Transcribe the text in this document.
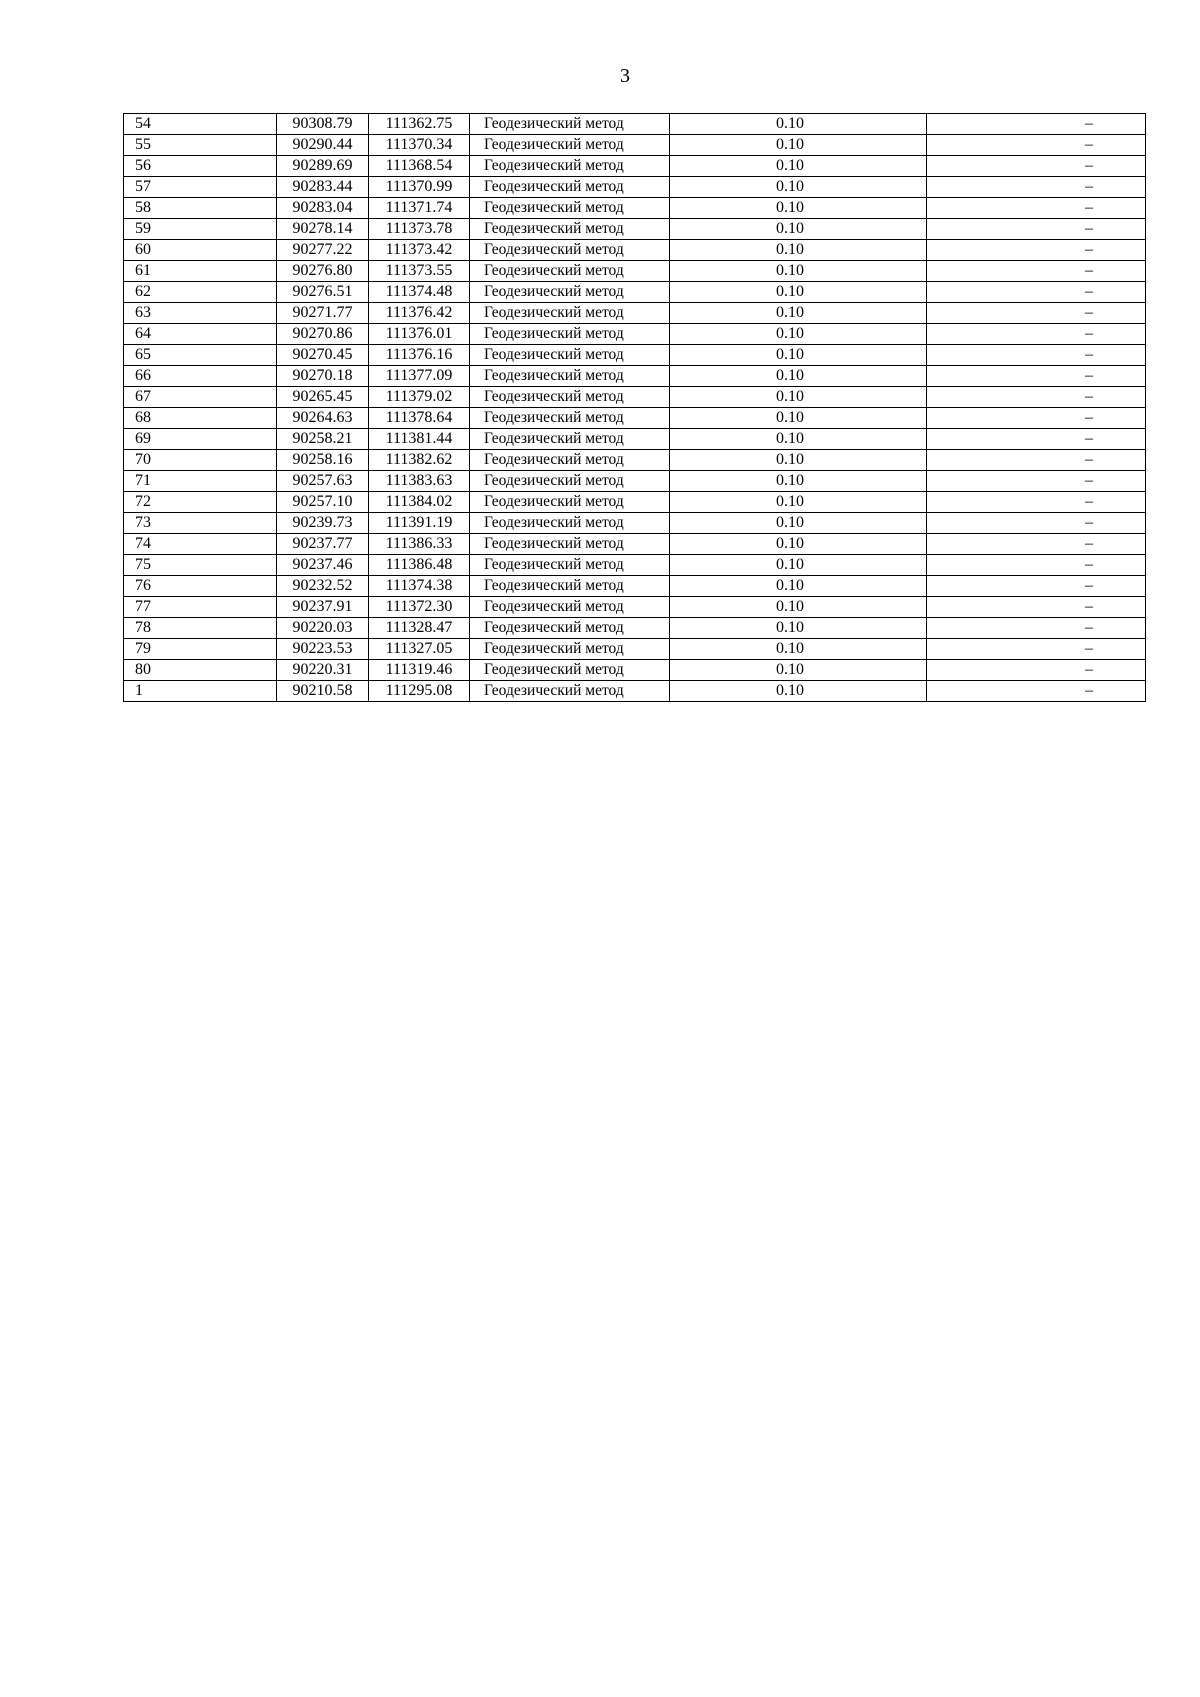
3
54	90308.79	111362.75	Геодезический метод	0.10	–
55	90290.44	111370.34	Геодезический метод	0.10	–
56	90289.69	111368.54	Геодезический метод	0.10	–
57	90283.44	111370.99	Геодезический метод	0.10	–
58	90283.04	111371.74	Геодезический метод	0.10	–
59	90278.14	111373.78	Геодезический метод	0.10	–
60	90277.22	111373.42	Геодезический метод	0.10	–
61	90276.80	111373.55	Геодезический метод	0.10	–
62	90276.51	111374.48	Геодезический метод	0.10	–
63	90271.77	111376.42	Геодезический метод	0.10	–
64	90270.86	111376.01	Геодезический метод	0.10	–
65	90270.45	111376.16	Геодезический метод	0.10	–
66	90270.18	111377.09	Геодезический метод	0.10	–
67	90265.45	111379.02	Геодезический метод	0.10	–
68	90264.63	111378.64	Геодезический метод	0.10	–
69	90258.21	111381.44	Геодезический метод	0.10	–
70	90258.16	111382.62	Геодезический метод	0.10	–
71	90257.63	111383.63	Геодезический метод	0.10	–
72	90257.10	111384.02	Геодезический метод	0.10	–
73	90239.73	111391.19	Геодезический метод	0.10	–
74	90237.77	111386.33	Геодезический метод	0.10	–
75	90237.46	111386.48	Геодезический метод	0.10	–
76	90232.52	111374.38	Геодезический метод	0.10	–
77	90237.91	111372.30	Геодезический метод	0.10	–
78	90220.03	111328.47	Геодезический метод	0.10	–
79	90223.53	111327.05	Геодезический метод	0.10	–
80	90220.31	111319.46	Геодезический метод	0.10	–
1	90210.58	111295.08	Геодезический метод	0.10	–
